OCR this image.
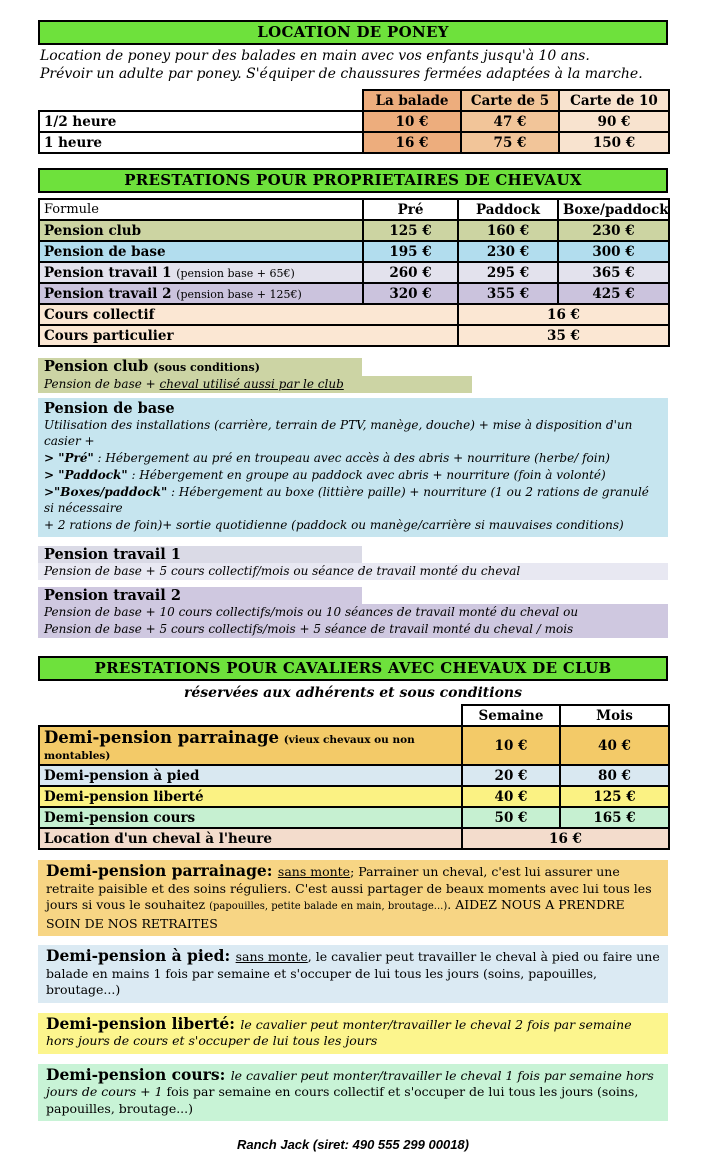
LOCATION DE PONEY
Location de poney pour des balades en main avec vos enfants jusqu'à 10 ans.
Prévoir un adulte par poney. S'équiper de chaussures fermées adaptées à la marche.
	La balade	Carte de 5	Carte de 10
1/2 heure	10 €	47 €	90 €
1 heure	16 €	75 €	150 €
PRESTATIONS POUR PROPRIETAIRES DE CHEVAUX
Formule	Pré	Paddock	Boxe/paddock
Pension club	125 €	160 €	230 €
Pension de base	195 €	230 €	300 €
Pension travail 1 (pension base + 65€)	260 €	295 €	365 €
Pension travail 2 (pension base + 125€)	320 €	355 €	425 €
Cours collectif		16 €	
Cours particulier		35 €	
Pension club (sous conditions)
Pension de base + cheval utilisé aussi par le club
Pension de base
Utilisation des installations (carrière, terrain de PTV, manège, douche) + mise à disposition d'un casier +
> "Pré" : Hébergement au pré en troupeau avec accès à des abris + nourriture (herbe/ foin)
> "Paddock" : Hébergement en groupe au paddock avec abris + nourriture (foin à volonté)
>"Boxes/paddock" : Hébergement au boxe (littière paille) + nourriture (1 ou 2 rations de granulé si nécessaire
+ 2 rations de foin)+ sortie quotidienne (paddock ou manège/carrière si mauvaises conditions)
Pension travail 1
Pension de base + 5 cours collectif/mois ou séance de travail monté du cheval
Pension travail 2
Pension de base + 10 cours collectifs/mois ou 10 séances de travail monté du cheval ou
Pension de base + 5 cours collectifs/mois + 5 séance de travail monté du cheval / mois
PRESTATIONS POUR CAVALIERS AVEC CHEVAUX DE CLUB
réservées aux adhérents et sous conditions
	Semaine	Mois
Demi-pension parrainage (vieux chevaux ou non montables)	10 €	40 €
Demi-pension à pied	20 €	80 €
Demi-pension liberté	40 €	125 €
Demi-pension cours	50 €	165 €
Location d'un cheval à l'heure	16 €	
Demi-pension parrainage: sans monte; Parrainer un cheval, c'est lui assurer une retraite paisible et des soins réguliers. C'est aussi partager de beaux moments avec lui tous les jours si vous le souhaitez (papouilles, petite balade en main, broutage...). AIDEZ NOUS A PRENDRE SOIN DE NOS RETRAITES
Demi-pension à pied: sans monte, le cavalier peut travailler le cheval à pied ou faire une balade en mains 1 fois par semaine et s'occuper de lui tous les jours (soins, papouilles, broutage...)
Demi-pension liberté: le cavalier peut monter/travailler le cheval 2 fois par semaine hors jours de cours et s'occuper de lui tous les jours
Demi-pension cours: le cavalier peut monter/travailler le cheval 1 fois par semaine hors jours de cours + 1 fois par semaine en cours collectif et s'occuper de lui tous les jours (soins, papouilles, broutage...)
Ranch Jack (siret: 490 555 299 00018)
